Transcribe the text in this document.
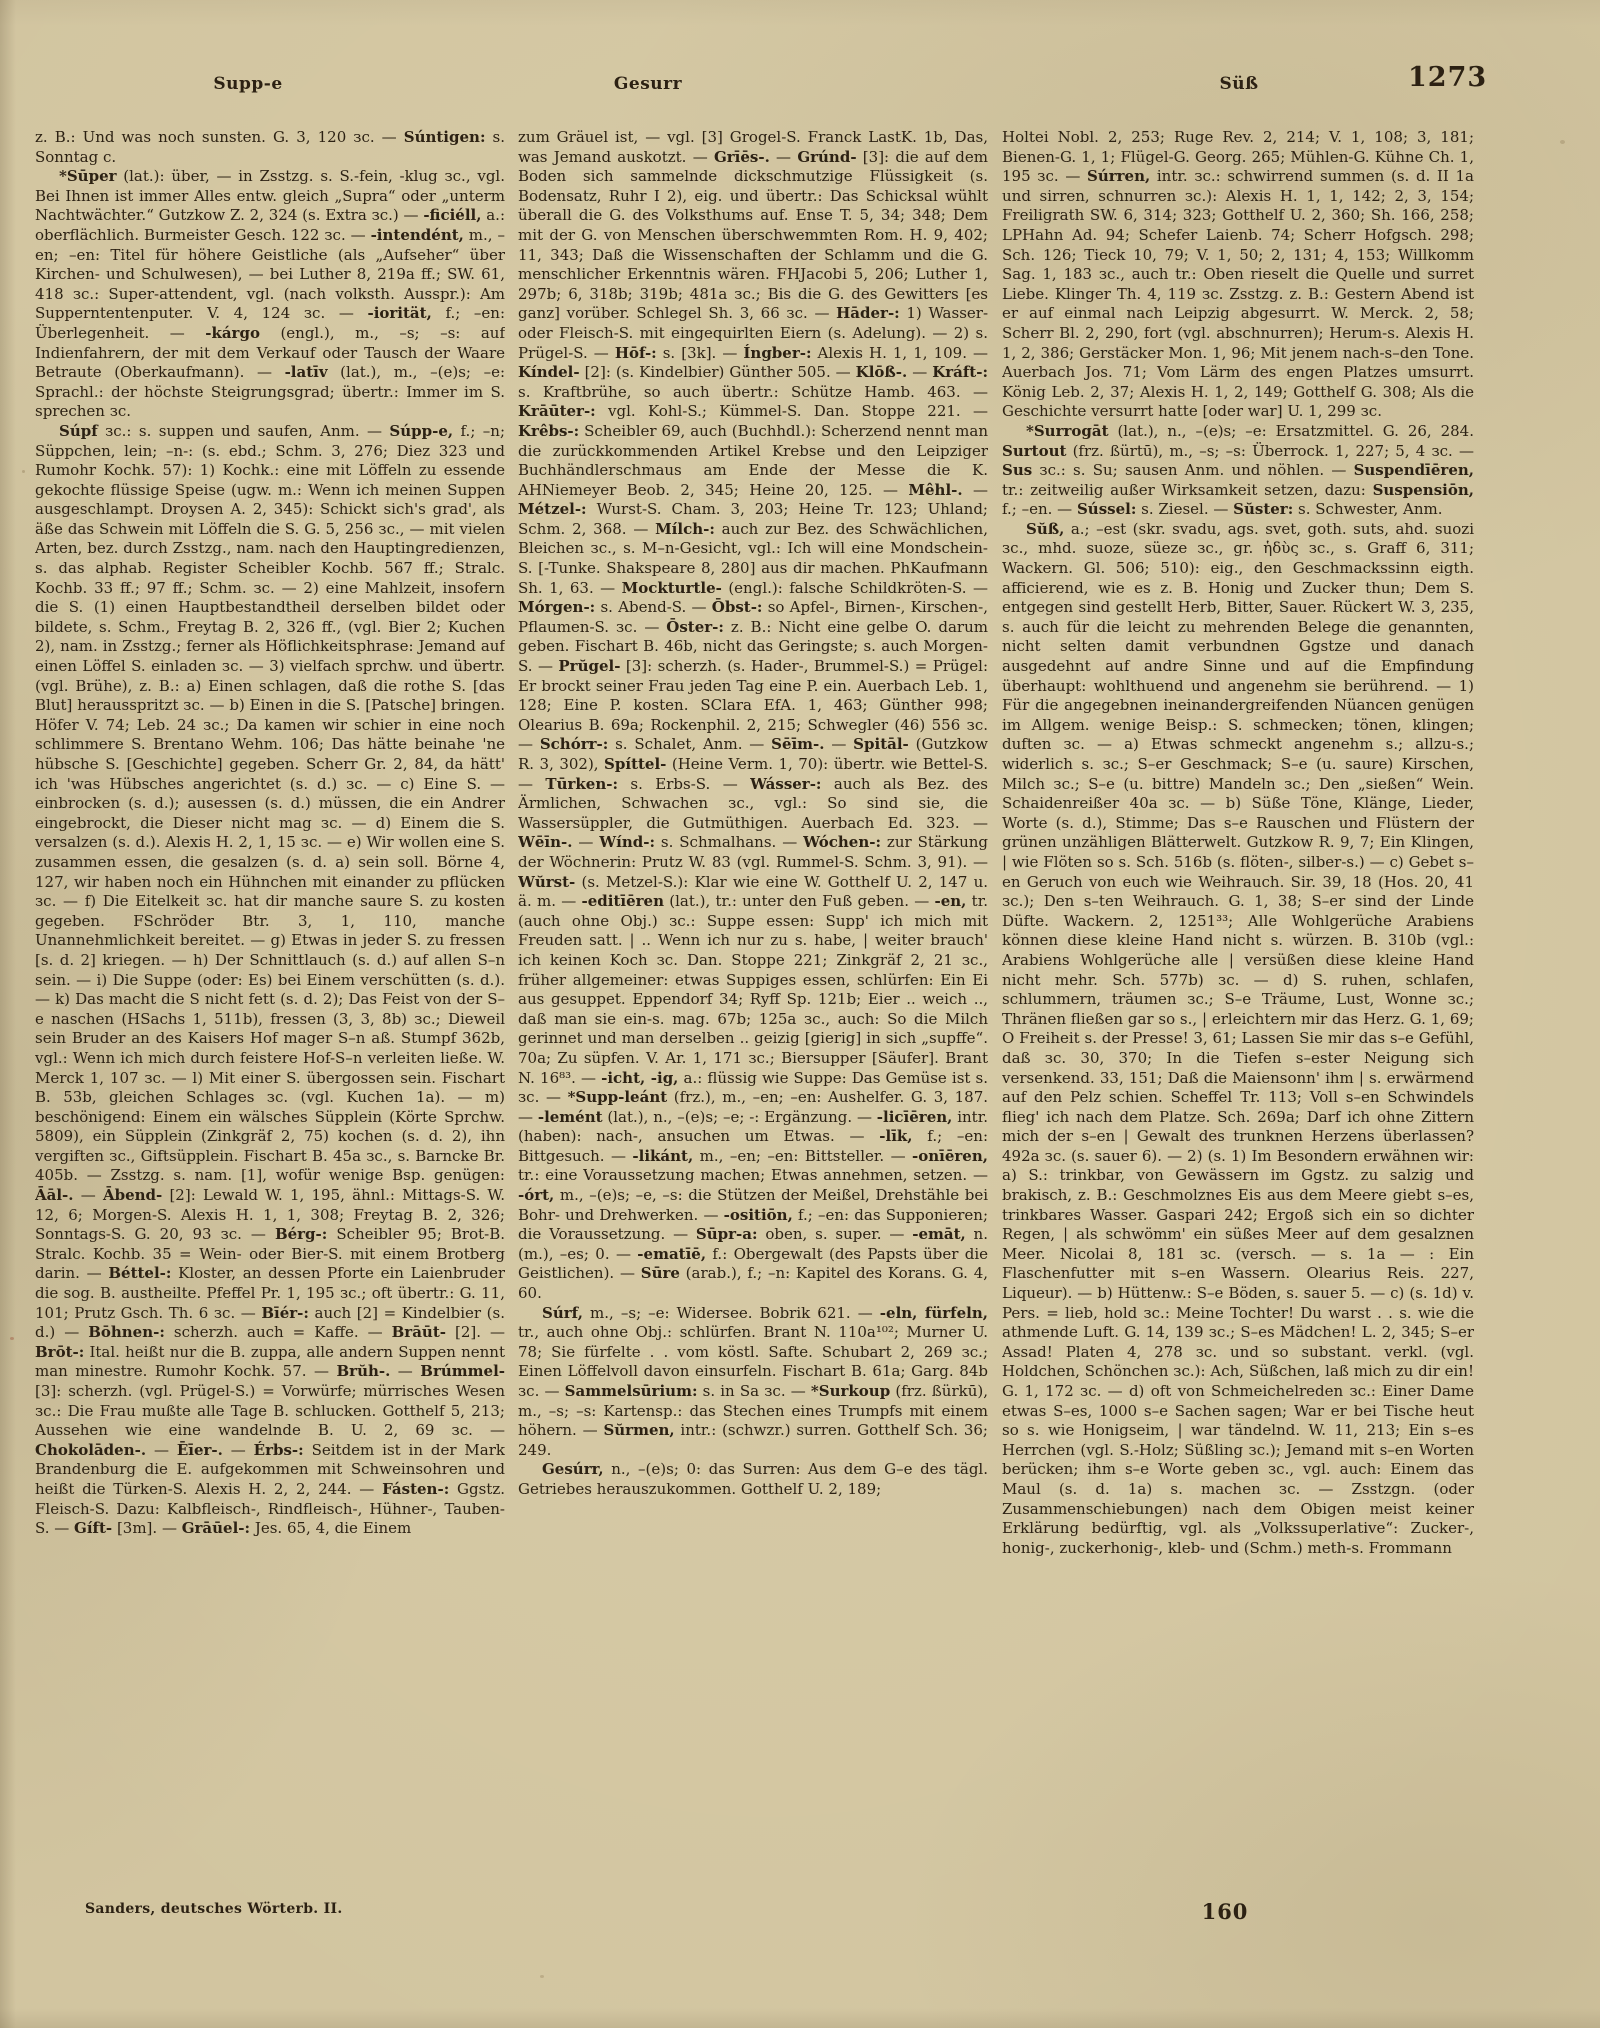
Supp-e	Gesurr	Süß	1273

z. B.: Und was noch sunsten. G. 3, 120 зc. — Súntigen: s. Sonntag c.

*Sūper (lat.): über, — in Zsstzg. s. S.-fein, -klug зc., vgl. Bei Ihnen ist immer Alles entw. gleich „Supra“ oder „unterm Nachtwächter.“ Gutzkow Z. 2, 324 (s. Extra зc.) — -ficiéll, a.: oberflächlich. Burmeister Gesch. 122 зc. — -intendént, m., –en; –en: Titel für höhere Geistliche (als „Aufseher“ über Kirchen- und Schulwesen), — bei Luther 8, 219a ff.; SW. 61, 418 зc.: Super-attendent, vgl. (nach volksth. Ausspr.): Am Supperntentenputer. V. 4, 124 зc. — -iorität, f.; –en: Überlegenheit. — -kárgo (engl.), m., –s; –s: auf Indienfahrern, der mit dem Verkauf oder Tausch der Waare Betraute (Oberkaufmann). — -latīv (lat.), m., –(e)s; –e: Sprachl.: der höchste Steigrungsgrad; übertr.: Immer im S. sprechen зc.

Súpf зc.: s. suppen und saufen, Anm. — Súpp-e, f.; –n; Süppchen, lein; –n-: (s. ebd.; Schm. 3, 276; Diez 323 und Rumohr Kochk. 57): 1) Kochk.: eine mit Löffeln zu essende gekochte flüssige Speise (ugw. m.: Wenn ich meinen Suppen ausgeschlampt. Droysen A. 2, 345): Schickt sich's grad', als äße das Schwein mit Löffeln die S. G. 5, 256 зc., — mit vielen Arten, bez. durch Zsstzg., nam. nach den Hauptingredienzen, s. das alphab. Register Scheibler Kochb. 567 ff.; Stralс. Kochb. 33 ff.; 97 ff.; Schm. зc. — 2) eine Mahlzeit, insofern die S. (1) einen Hauptbestandtheil derselben bildet oder bildete, s. Schm., Freytag B. 2, 326 ff., (vgl. Bier 2; Kuchen 2), nam. in Zsstzg.; ferner als Höflichkeitsphrase: Jemand auf einen Löffel S. einladen зc. — 3) vielfach sprchw. und übertr. (vgl. Brühe), z. B.: a) Einen schlagen, daß die rothe S. [das Blut] herausspritzt зc. — b) Einen in die S. [Patsche] bringen. Höfer V. 74; Leb. 24 зc.; Da kamen wir schier in eine noch schlimmere S. Brentano Wehm. 106; Das hätte beinahe 'ne hübsche S. [Geschichte] gegeben. Scherr Gr. 2, 84, da hätt' ich 'was Hübsches angerichtet (s. d.) зc. — c) Eine S. — einbrocken (s. d.); ausessen (s. d.) müssen, die ein Andrer eingebrockt, die Dieser nicht mag зc. — d) Einem die S. versalzen (s. d.). Alexis H. 2, 1, 15 зc. — e) Wir wollen eine S. zusammen essen, die gesalzen (s. d. a) sein soll. Börne 4, 127, wir haben noch ein Hühnchen mit einander zu pflücken зc. — f) Die Eitelkeit зc. hat dir manche saure S. zu kosten gegeben. FSchröder Btr. 3, 1, 110, manche Unannehmlichkeit bereitet. — g) Etwas in jeder S. zu fressen [s. d. 2] kriegen. — h) Der Schnittlauch (s. d.) auf allen S–n sein. — i) Die Suppe (oder: Es) bei Einem verschütten (s. d.). — k) Das macht die S nicht fett (s. d. 2); Das Feist von der S–e naschen (HSachs 1, 511b), fressen (3, 3, 8b) зc.; Dieweil sein Bruder an des Kaisers Hof mager S–n aß. Stumpf 362b, vgl.: Wenn ich mich durch feistere Hof-S–n verleiten ließe. W. Merck 1, 107 зc. — l) Mit einer S. übergossen sein. Fischart B. 53b, gleichen Schlages зc. (vgl. Kuchen 1a). — m) beschönigend: Einem ein wälsches Süpplein (Körte Sprchw. 5809), ein Süpplein (Zinkgräf 2, 75) kochen (s. d. 2), ihn vergiften зc., Giftsüpplein. Fischart B. 45a зc., s. Barncke Br. 405b. — Zsstzg. s. nam. [1], wofür wenige Bsp. genügen: Āāl-. — Ābend- [2]: Lewald W. 1, 195, ähnl.: Mittags-S. W. 12, 6; Morgen-S. Alexis H. 1, 1, 308; Freytag B. 2, 326; Sonntags-S. G. 20, 93 зc. — Bérg-: Scheibler 95; Brot-B. Stralс. Kochb. 35 = Wein- oder Bier-S. mit einem Brotberg darin. — Béttel-: Kloster, an dessen Pforte ein Laienbruder die sog. B. austheilte. Pfeffel Pr. 1, 195 зc.; oft übertr.: G. 11, 101; Prutz Gsch. Th. 6 зc. — Bīér-: auch [2] = Kindelbier (s. d.) — Bōhnen-: scherzh. auch = Kaffe. — Brāūt- [2]. — Brōt-: Ital. heißt nur die B. zuppa, alle andern Suppen nennt man minestre. Rumohr Kochk. 57. — Brŭh-. — Brúmmel- [3]: scherzh. (vgl. Prügel-S.) = Vorwürfe; mürrisches Wesen зc.: Die Frau mußte alle Tage B. schlucken. Gotthelf 5, 213; Aussehen wie eine wandelnde B. U. 2, 69 зc. — Chokolāden-. — Ēīer-. — Érbs-: Seitdem ist in der Mark Brandenburg die E. aufgekommen mit Schweinsohren und heißt die Türken-S. Alexis H. 2, 2, 244. — Fásten-: Ggstz. Fleisch-S. Dazu: Kalbfleisch-, Rindfleisch-, Hühner-, Tauben-S. — Gíft- [3m]. — Grāūel-: Jes. 65, 4, die Einem

zum Gräuel ist, — vgl. [3] Grogel-S. Franck LastK. 1b, Das, was Jemand auskotzt. — Grīēs-. — Grúnd- [3]: die auf dem Boden sich sammelnde dickschmutzige Flüssigkeit (s. Bodensatz, Ruhr I 2), eig. und übertr.: Das Schicksal wühlt überall die G. des Volksthums auf. Ense T. 5, 34; 348; Dem mit der G. von Menschen überschwemmten Rom. H. 9, 402; 11, 343; Daß die Wissenschaften der Schlamm und die G. menschlicher Erkenntnis wären. FHJacobi 5, 206; Luther 1, 297b; 6, 318b; 319b; 481a зc.; Bis die G. des Gewitters [es ganz] vorüber. Schlegel Sh. 3, 66 зc. — Hāder-: 1) Wasser- oder Fleisch-S. mit eingequirlten Eiern (s. Adelung). — 2) s. Prügel-S. — Hōf-: s. [3k]. — Íngber-: Alexis H. 1, 1, 109. — Kíndel- [2]: (s. Kindelbier) Günther 505. — Klōß-. — Kráft-: s. Kraftbrühe, so auch übertr.: Schütze Hamb. 463. — Krāūter-: vgl. Kohl-S.; Kümmel-S. Dan. Stoppe 221. — Krêbs-: Scheibler 69, auch (Buchhdl.): Scherzend nennt man die zurückkommenden Artikel Krebse und den Leipziger Buchhändlerschmaus am Ende der Messe die K. AHNiemeyer Beob. 2, 345; Heine 20, 125. — Mêhl-. — Métzel-: Wurst-S. Cham. 3, 203; Heine Tr. 123; Uhland; Schm. 2, 368. — Mílch-: auch zur Bez. des Schwächlichen, Bleichen зc., s. M–n-Gesicht, vgl.: Ich will eine Mondschein-S. [-Tunke. Shakspeare 8, 280] aus dir machen. PhKaufmann Sh. 1, 63. — Mockturtle- (engl.): falsche Schildkröten-S. — Mórgen-: s. Abend-S. — Ōbst-: so Apfel-, Birnen-, Kirschen-, Pflaumen-S. зc. — Ōster-: z. B.: Nicht eine gelbe O. darum geben. Fischart B. 46b, nicht das Geringste; s. auch Morgen-S. — Prŭgel- [3]: scherzh. (s. Hader-, Brummel-S.) = Prügel: Er brockt seiner Frau jeden Tag eine P. ein. Auerbach Leb. 1, 128; Eine P. kosten. SClara EfA. 1, 463; Günther 998; Olearius B. 69a; Rockenphil. 2, 215; Schwegler (46) 556 зc. — Schórr-: s. Schalet, Anm. — Sēīm-. — Spitāl- (Gutzkow R. 3, 302), Spíttel- (Heine Verm. 1, 70): übertr. wie Bettel-S. — Tūrken-: s. Erbs-S. — Wásser-: auch als Bez. des Ärmlichen, Schwachen зc., vgl.: So sind sie, die Wassersüppler, die Gutmüthigen. Auerbach Ed. 323. — Wēīn-. — Wínd-: s. Schmalhans. — Wóchen-: zur Stärkung der Wöchnerin: Prutz W. 83 (vgl. Rummel-S. Schm. 3, 91). — Wŭrst- (s. Metzel-S.): Klar wie eine W. Gotthelf U. 2, 147 u. ä. m. — -editīēren (lat.), tr.: unter den Fuß geben. — -en, tr. (auch ohne Obj.) зc.: Suppe essen: Supp' ich mich mit Freuden satt. | .. Wenn ich nur zu s. habe, | weiter brauch' ich keinen Koch зc. Dan. Stoppe 221; Zinkgräf 2, 21 зc., früher allgemeiner: etwas Suppiges essen, schlürfen: Ein Ei aus gesuppet. Eppendorf 34; Ryff Sp. 121b; Eier .. weich .., daß man sie ein-s. mag. 67b; 125a зc., auch: So die Milch gerinnet und man derselben .. geizig [gierig] in sich „supffe“. 70a; Zu süpfen. V. Ar. 1, 171 зc.; Biersupper [Säufer]. Brant N. 16⁸³. — -icht, -ig, a.: flüssig wie Suppe: Das Gemüse ist s. зc. — *Supp-leánt (frz.), m., –en; –en: Aushelfer. G. 3, 187. — -lemént (lat.), n., –(e)s; –e; -: Ergänzung. — -licīēren, intr. (haben): nach-, ansuchen um Etwas. — -līk, f.; –en: Bittgesuch. — -likánt, m., –en; –en: Bittsteller. — -onīēren, tr.: eine Voraussetzung machen; Etwas annehmen, setzen. — -órt, m., –(e)s; –e, –s: die Stützen der Meißel, Drehstähle bei Bohr- und Drehwerken. — -ositiōn, f.; –en: das Supponieren; die Voraussetzung. — Sūpr-a: oben, s. super. — -emāt, n. (m.), –es; 0. — -ematīē, f.: Obergewalt (des Papsts über die Geistlichen). — Sūre (arab.), f.; –n: Kapitel des Korans. G. 4, 60.

Súrf, m., –s; –e: Widersee. Bobrik 621. — -eln, fürfeln, tr., auch ohne Obj.: schlürfen. Brant N. 110a¹⁰²; Murner U. 78; Sie fürfelte . . vom köstl. Safte. Schubart 2, 269 зc.; Einen Löffelvoll davon einsurfeln. Fischart B. 61a; Garg. 84b зc. — Sammelsūrium: s. in Sa зc. — *Surkoup (frz. ßürkū), m., –s; –s: Kartensp.: das Stechen eines Trumpfs mit einem höhern. — Sŭrmen, intr.: (schwzr.) surren. Gotthelf Sch. 36; 249.

Gesúrr, n., –(e)s; 0: das Surren: Aus dem G–e des tägl. Getriebes herauszukommen. Gotthelf U. 2, 189;

Holtei Nobl. 2, 253; Ruge Rev. 2, 214; V. 1, 108; 3, 181; Bienen-G. 1, 1; Flügel-G. Georg. 265; Mühlen-G. Kühne Ch. 1, 195 зc. — Súrren, intr. зc.: schwirrend summen (s. d. II 1a und sirren, schnurren зc.): Alexis H. 1, 1, 142; 2, 3, 154; Freiligrath SW. 6, 314; 323; Gotthelf U. 2, 360; Sh. 166, 258; LPHahn Ad. 94; Schefer Laienb. 74; Scherr Hofgsch. 298; Sch. 126; Tieck 10, 79; V. 1, 50; 2, 131; 4, 153; Willkomm Sag. 1, 183 зc., auch tr.: Oben rieselt die Quelle und surret Liebe. Klinger Th. 4, 119 зc. Zsstzg. z. B.: Gestern Abend ist er auf einmal nach Leipzig abgesurrt. W. Merck. 2, 58; Scherr Bl. 2, 290, fort (vgl. abschnurren); Herum-s. Alexis H. 1, 2, 386; Gerstäcker Mon. 1, 96; Mit jenem nach-s–den Tone. Auerbach Jos. 71; Vom Lärm des engen Platzes umsurrt. König Leb. 2, 37; Alexis H. 1, 2, 149; Gotthelf G. 308; Als die Geschichte versurrt hatte [oder war] U. 1, 299 зc.

*Surrogāt (lat.), n., –(e)s; –e: Ersatzmittel. G. 26, 284. Surtout (frz. ßürtū), m., –s; –s: Überrock. 1, 227; 5, 4 зc. — Sus зc.: s. Su; sausen Anm. und nöhlen. — Suspendīēren, tr.: zeitweilig außer Wirksamkeit setzen, dazu: Suspensiōn, f.; –en. — Sússel: s. Ziesel. — Sŭster: s. Schwester, Anm.

Sŭß, a.; –est (skr. svadu, ags. svet, goth. suts, ahd. suozi зc., mhd. suoze, süeze зc., gr. ἡδὺς зc., s. Graff 6, 311; Wackern. Gl. 506; 510): eig., den Geschmackssinn eigth. afficierend, wie es z. B. Honig und Zucker thun; Dem S. entgegen sind gestellt Herb, Bitter, Sauer. Rückert W. 3, 235, s. auch für die leicht zu mehrenden Belege die genannten, nicht selten damit verbundnen Ggstze und danach ausgedehnt auf andre Sinne und auf die Empfindung überhaupt: wohlthuend und angenehm sie berührend. — 1) Für die angegebnen ineinandergreifenden Nüancen genügen im Allgem. wenige Beisp.: S. schmecken; tönen, klingen; duften зc. — a) Etwas schmeckt angenehm s.; allzu-s.; widerlich s. зc.; S–er Geschmack; S–e (u. saure) Kirschen, Milch зc.; S–e (u. bittre) Mandeln зc.; Den „sießen“ Wein. Schaidenreißer 40a зc. — b) Süße Töne, Klänge, Lieder, Worte (s. d.), Stimme; Das s–e Rauschen und Flüstern der grünen unzähligen Blätterwelt. Gutzkow R. 9, 7; Ein Klingen, | wie Flöten so s. Sch. 516b (s. flöten-, silber-s.) — c) Gebet s–en Geruch von euch wie Weihrauch. Sir. 39, 18 (Hos. 20, 41 зc.); Den s–ten Weihrauch. G. 1, 38; S–er sind der Linde Düfte. Wackern. 2, 1251³³; Alle Wohlgerüche Arabiens können diese kleine Hand nicht s. würzen. B. 310b (vgl.: Arabiens Wohlgerüche alle | versüßen diese kleine Hand nicht mehr. Sch. 577b) зc. — d) S. ruhen, schlafen, schlummern, träumen зc.; S–e Träume, Lust, Wonne зc.; Thränen fließen gar so s., | erleichtern mir das Herz. G. 1, 69; O Freiheit s. der Presse! 3, 61; Lassen Sie mir das s–e Gefühl, daß зc. 30, 370; In die Tiefen s–ester Neigung sich versenkend. 33, 151; Daß die Maiensonn' ihm | s. erwärmend auf den Pelz schien. Scheffel Tr. 113; Voll s–en Schwindels flieg' ich nach dem Platze. Sch. 269a; Darf ich ohne Zittern mich der s–en | Gewalt des trunknen Herzens überlassen? 492a зc. (s. sauer 6). — 2) (s. 1) Im Besondern erwähnen wir: a) S.: trinkbar, von Gewässern im Ggstz. zu salzig und brakisch, z. B.: Geschmolznes Eis aus dem Meere giebt s–es, trinkbares Wasser. Gaspari 242; Ergoß sich ein so dichter Regen, | als schwömm' ein süßes Meer auf dem gesalznen Meer. Nicolai 8, 181 зc. (versch. — s. 1a — : Ein Flaschenfutter mit s–en Wassern. Olearius Reis. 227, Liqueur). — b) Hüttenw.: S–e Böden, s. sauer 5. — c) (s. 1d) v. Pers. = lieb, hold зc.: Meine Tochter! Du warst . . s. wie die athmende Luft. G. 14, 139 зc.; S–es Mädchen! L. 2, 345; S–er Assad! Platen 4, 278 зc. und so substant. verkl. (vgl. Holdchen, Schönchen зc.): Ach, Süßchen, laß mich zu dir ein! G. 1, 172 зc. — d) oft von Schmeichelreden зc.: Einer Dame etwas S–es, 1000 s–e Sachen sagen; War er bei Tische heut so s. wie Honigseim, | war tändelnd. W. 11, 213; Ein s–es Herrchen (vgl. S.-Holz; Süßling зc.); Jemand mit s–en Worten berücken; ihm s–e Worte geben зc., vgl. auch: Einem das Maul (s. d. 1a) s. machen зc. — Zsstzgn. (oder Zusammenschiebungen) nach dem Obigen meist keiner Erklärung bedürftig, vgl. als „Volkssuperlative“: Zucker-, honig-, zuckerhonig-, kleb- und (Schm.) meth-s. Frommann

Sanders, deutsches Wörterb. II.	160
